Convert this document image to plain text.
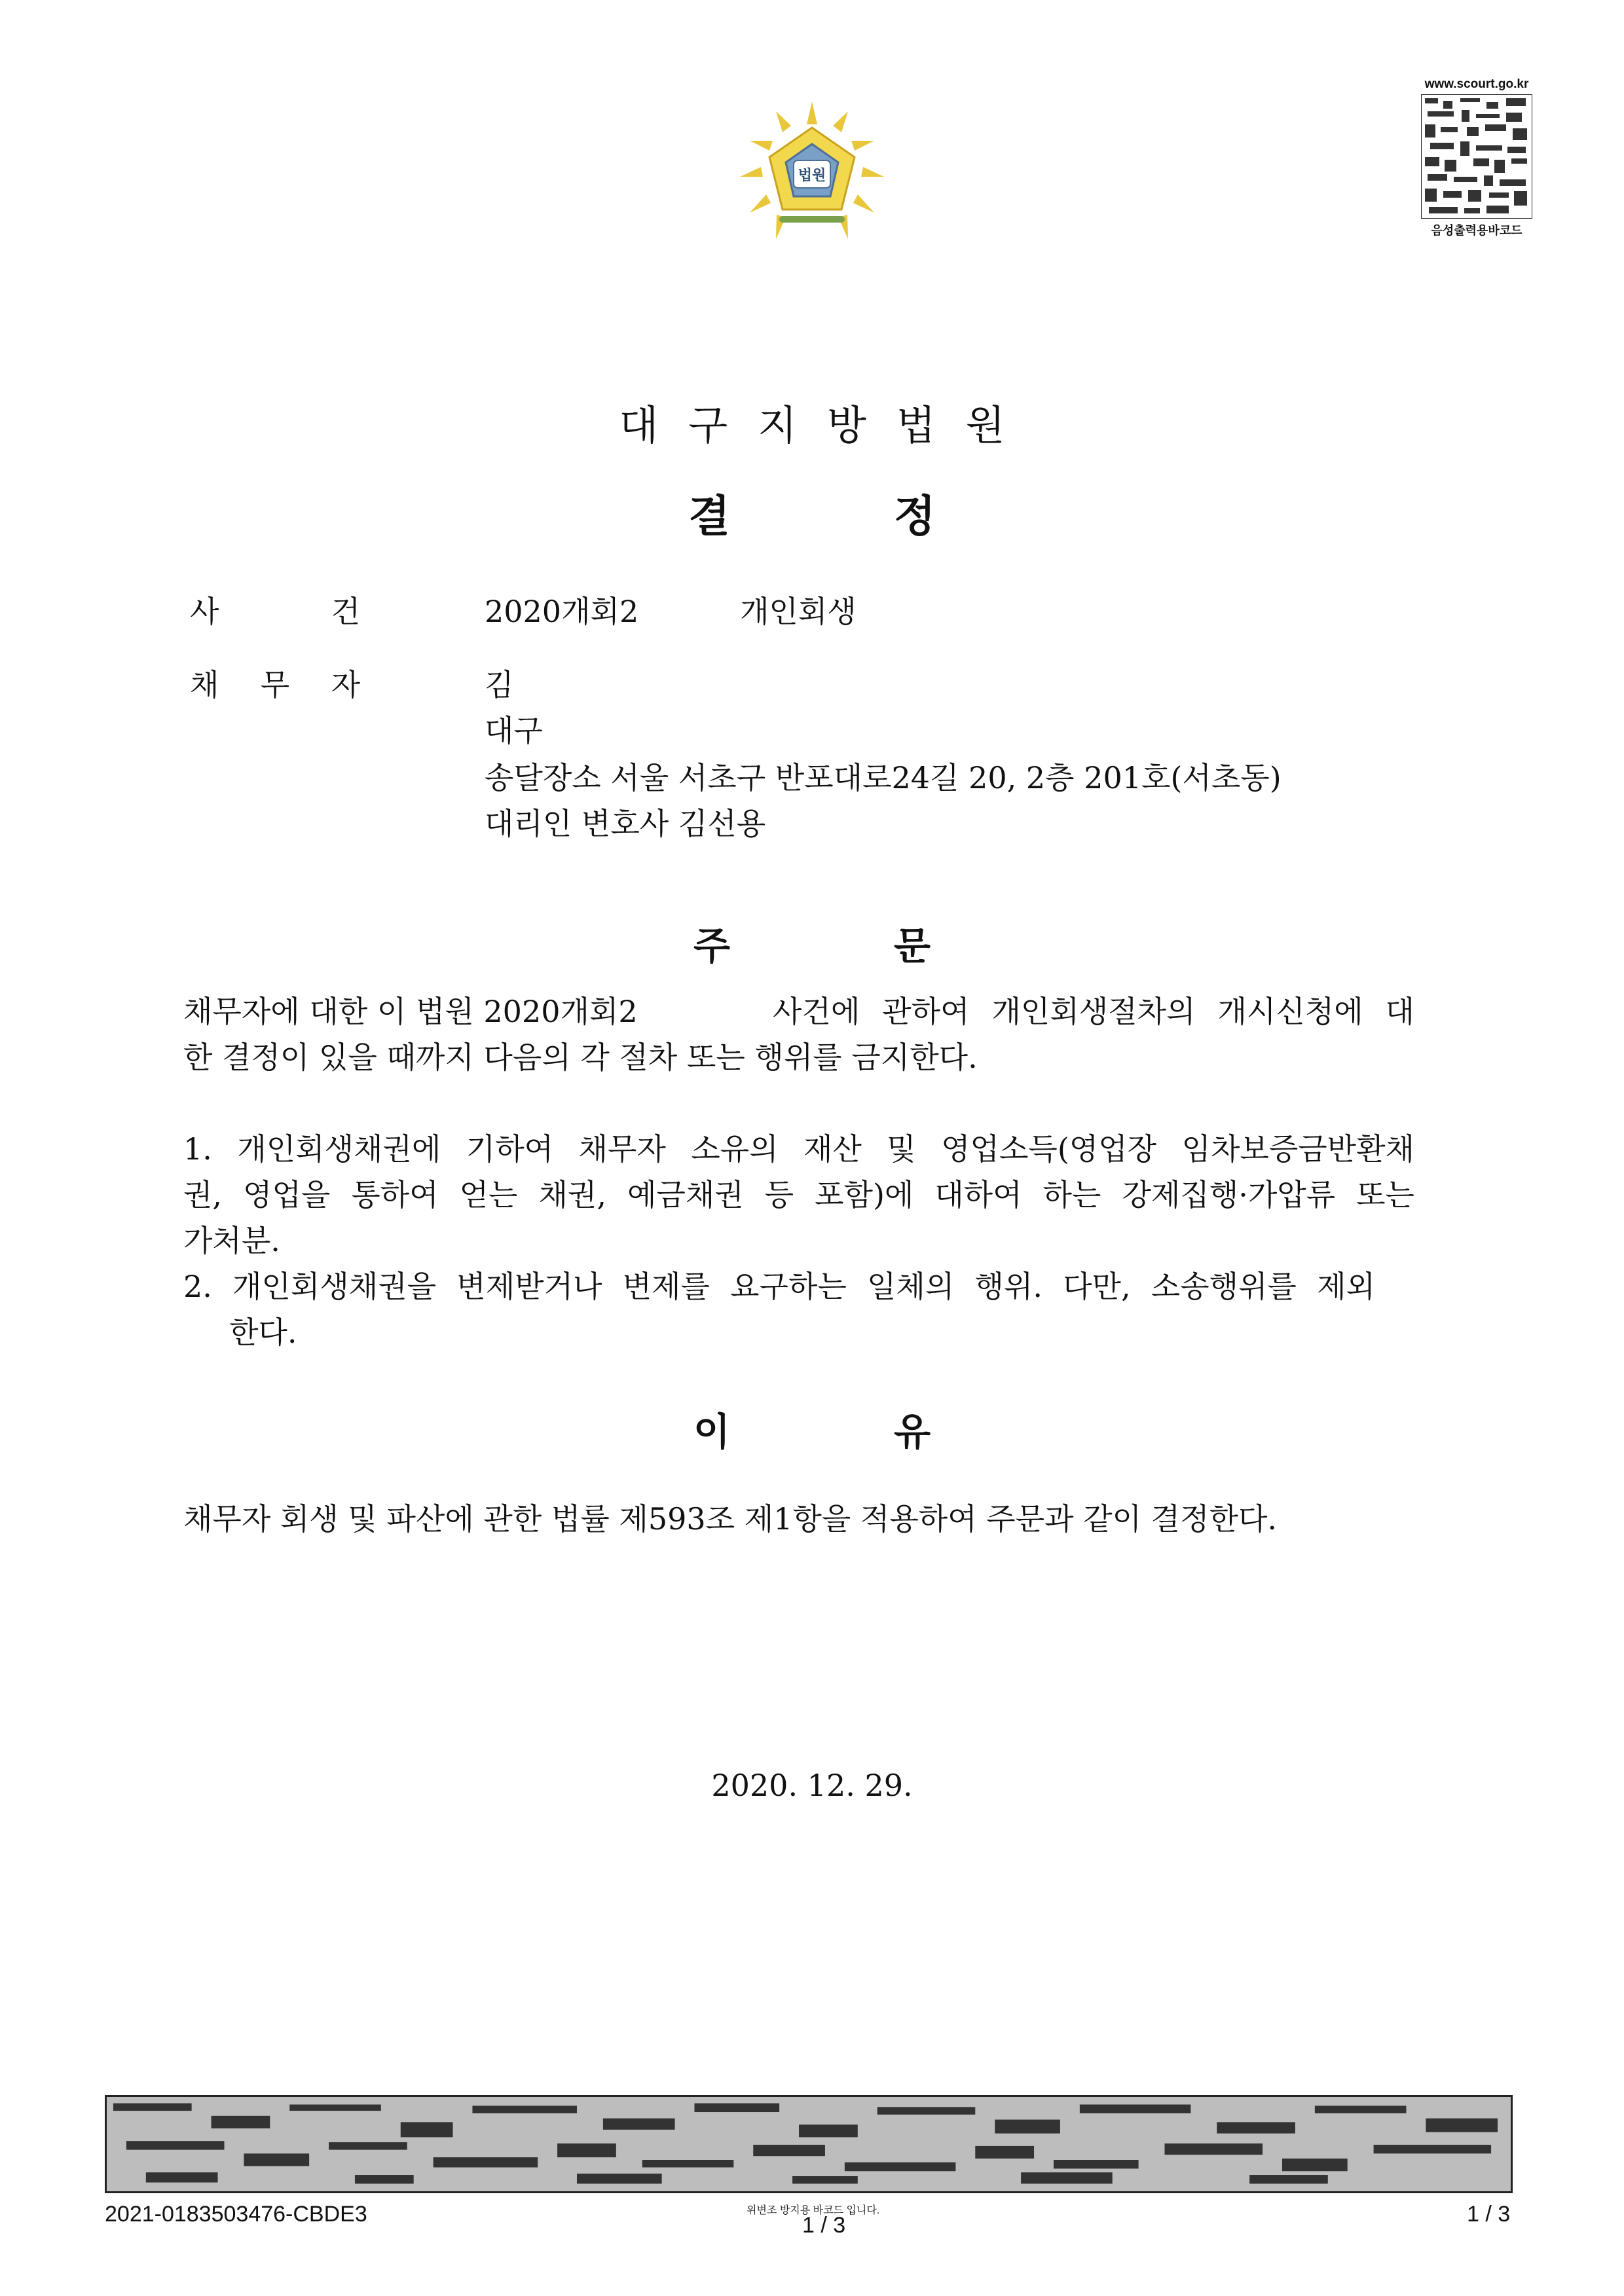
법원
www.scourt.go.kr
음성출력용바코드
대구지방법원
결	정
사	건	2020개회2	개인회생
채 무 자	김
대구
송달장소 서울 서초구 반포대로24길 20, 2층 201호(서초동)
대리인 변호사 김선용
주	문
채무자에 대한 이 법원 2020개회2	사건에 관하여 개인회생절차의 개시신청에 대
한 결정이 있을 때까지 다음의 각 절차 또는 행위를 금지한다.
1. 개인회생채권에 기하여 채무자 소유의 재산 및 영업소득(영업장 임차보증금반환채
권, 영업을 통하여 얻는 채권, 예금채권 등 포함)에 대하여 하는 강제집행·가압류 또는
가처분.
2. 개인회생채권을 변제받거나 변제를 요구하는 일체의 행위. 다만, 소송행위를 제외
한다.
이	유
채무자 회생 및 파산에 관한 법률 제593조 제1항을 적용하여 주문과 같이 결정한다.
2020. 12. 29.
2021-0183503476-CBDE3	위변조 방지용 바코드 입니다.
1 / 3	1 / 3
